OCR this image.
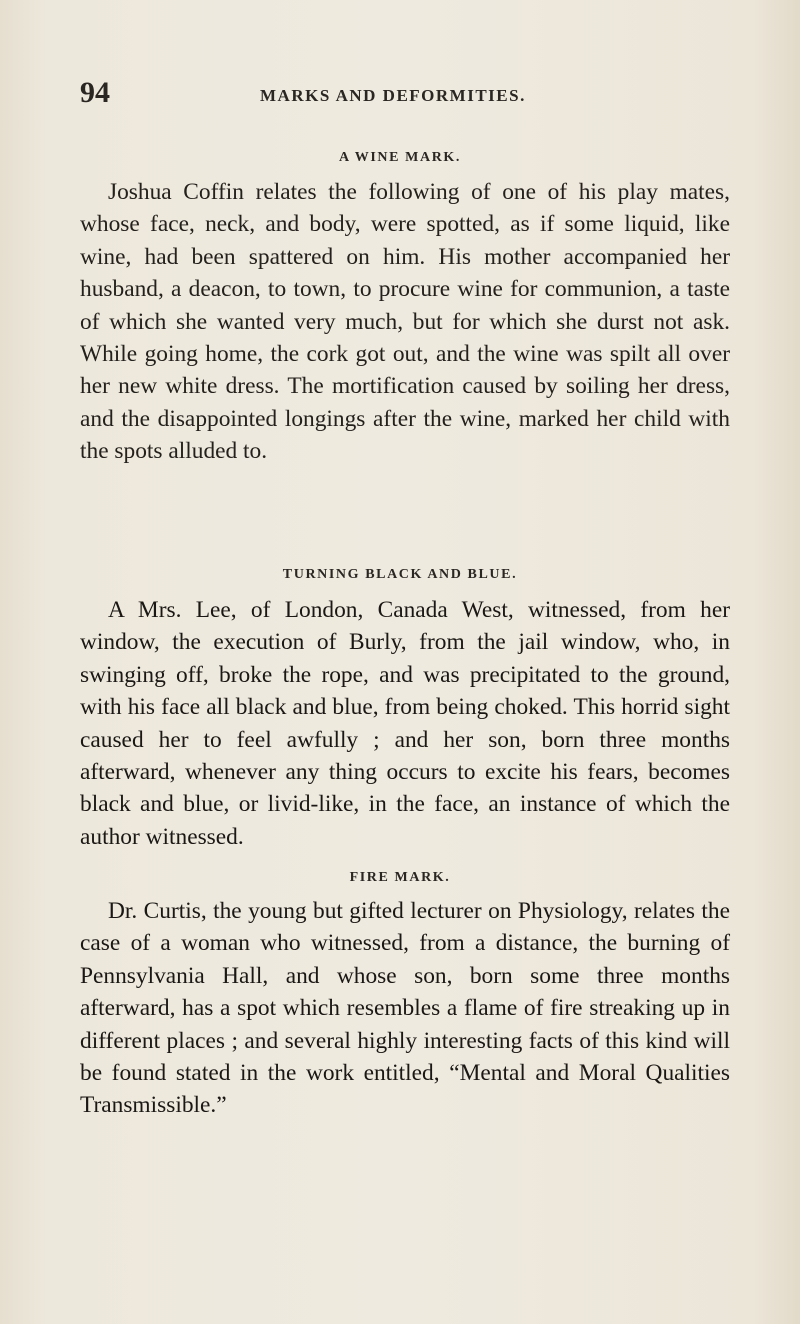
94	MARKS AND DEFORMITIES.
A WINE MARK.
Joshua Coffin relates the following of one of his play mates, whose face, neck, and body, were spotted, as if some liquid, like wine, had been spattered on him. His mother accompanied her husband, a deacon, to town, to procure wine for communion, a taste of which she wanted very much, but for which she durst not ask. While going home, the cork got out, and the wine was spilt all over her new white dress. The mortification caused by soiling her dress, and the disappointed longings after the wine, marked her child with the spots alluded to.
TURNING BLACK AND BLUE.
A Mrs. Lee, of London, Canada West, witnessed, from her window, the execution of Burly, from the jail window, who, in swinging off, broke the rope, and was precipitated to the ground, with his face all black and blue, from being choked. This horrid sight caused her to feel awfully ; and her son, born three months afterward, whenever any thing occurs to excite his fears, becomes black and blue, or livid-like, in the face, an instance of which the author witnessed.
FIRE MARK.
Dr. Curtis, the young but gifted lecturer on Physiology, relates the case of a woman who witnessed, from a distance, the burning of Pennsylvania Hall, and whose son, born some three months afterward, has a spot which resembles a flame of fire streaking up in different places ; and several highly interesting facts of this kind will be found stated in the work entitled, “Mental and Moral Qualities Transmissible.”
